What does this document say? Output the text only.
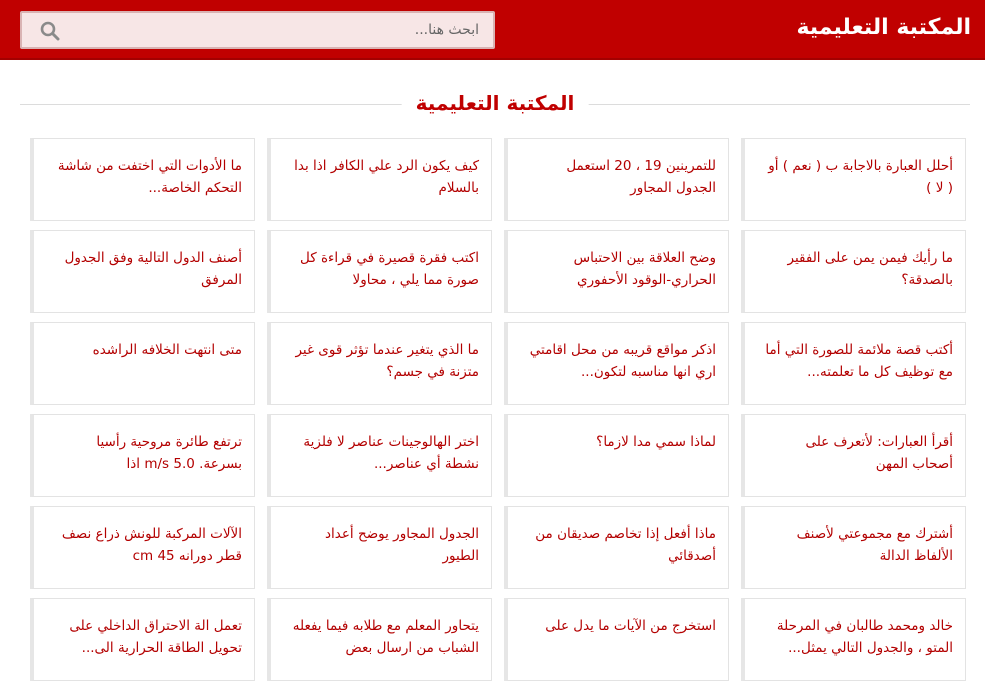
المكتبة التعليمية
ابحث هنا...
المكتبة التعليمية
أحلل العبارة بالاجابة ب ( نعم ) أو ( لا )
للتمرينين 19 ، 20 استعمل الجدول المجاور
كيف يكون الرد علي الكافر اذا بدا بالسلام
ما الأدوات التي اختفت من شاشة التحكم الخاصة...
ما رأيك فيمن يمن على الفقير بالصدقة؟
وضح العلاقة بين الاحتباس الحراري-الوقود الأحفوري
اكتب فقرة قصيرة في قراءة كل صورة مما يلي ، محاولا
أصنف الدول التالية وفق الجدول المرفق
أكتب قصة ملائمة للصورة التي أما مع توظيف كل ما تعلمته...
اذكر مواقع قريبه من محل اقامتي اري انها مناسبه لتكون...
ما الذي يتغير عندما تؤثر قوى غير متزنة في جسم؟
متى انتهت الخلافه الراشده
أقرأ العبارات: لأتعرف على أصحاب المهن
لماذا سمي مدا لازما؟
اختر الهالوجينات عناصر لا فلزية نشطة أي عناصر...
ترتفع طائرة مروحية رأسيا بسرعة. 5.0 m/s اذا
أشترك مع مجموعتي لأصنف الألفاظ الدالة
ماذا أفعل إذا تخاصم صديقان من أصدقائي
الجدول المجاور يوضح أعداد الطيور
الآلات المركبة للونش ذراع نصف قطر دورانه 45 cm
خالد ومحمد طالبان في المرحلة المتو ، والجدول التالي يمثل...
استخرج من الآيات ما يدل على
يتحاور المعلم مع طلابه فيما يفعله الشباب من ارسال بعض
تعمل الة الاحتراق الداخلي على تحويل الطاقة الحرارية الى...
